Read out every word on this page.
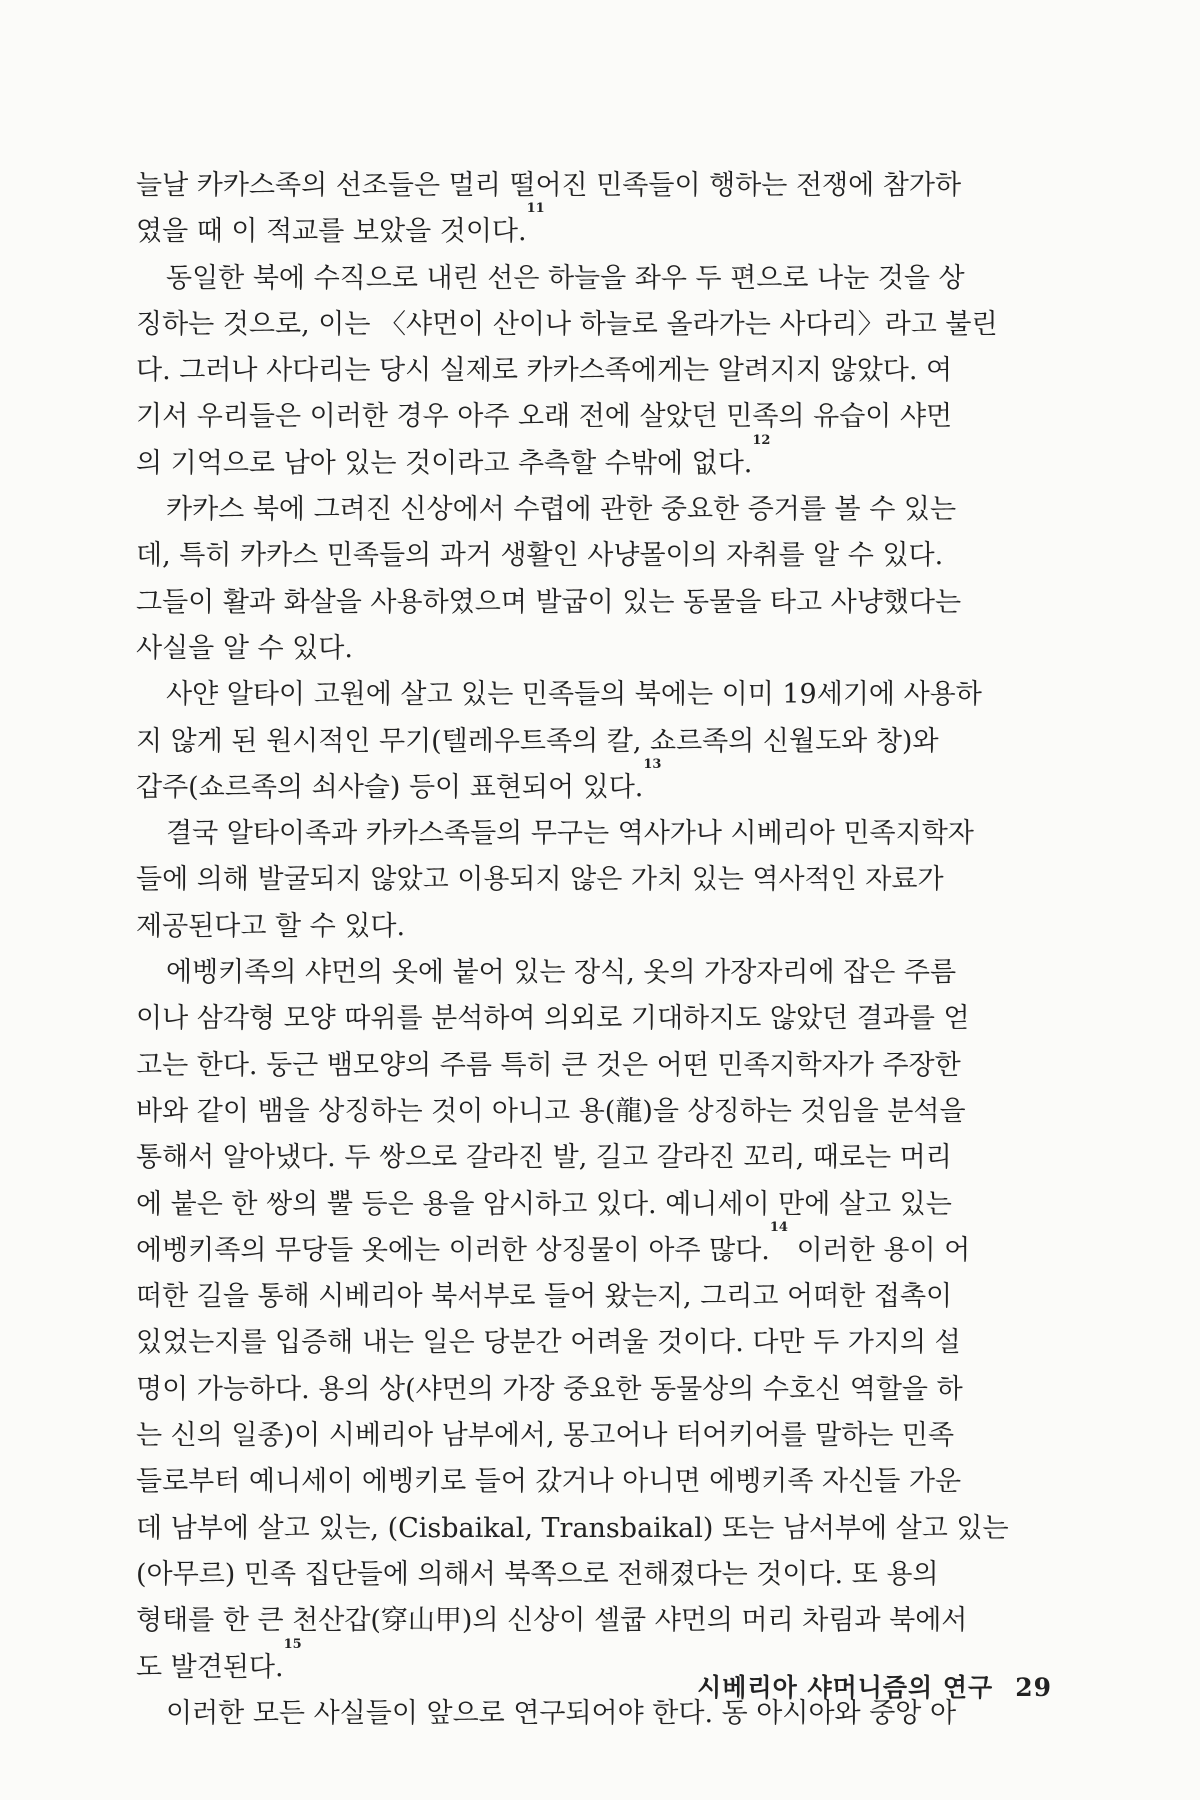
늘날 카카스족의 선조들은 멀리 떨어진 민족들이 행하는 전쟁에 참가하
였을 때 이 적교를 보았을 것이다.
11
동일한 북에 수직으로 내린 선은 하늘을 좌우 두 편으로 나눈 것을 상
징하는 것으로, 이는 〈샤먼이 산이나 하늘로 올라가는 사다리〉라고 불린
다. 그러나 사다리는 당시 실제로 카카스족에게는 알려지지 않았다. 여
기서 우리들은 이러한 경우 아주 오래 전에 살았던 민족의 유습이 샤먼
의 기억으로 남아 있는 것이라고 추측할 수밖에 없다.
12
카카스 북에 그려진 신상에서 수렵에 관한 중요한 증거를 볼 수 있는
데, 특히 카카스 민족들의 과거 생활인 사냥몰이의 자취를 알 수 있다.
그들이 활과 화살을 사용하였으며 발굽이 있는 동물을 타고 사냥했다는
사실을 알 수 있다.
사얀 알타이 고원에 살고 있는 민족들의 북에는 이미 19세기에 사용하
지 않게 된 원시적인 무기(텔레우트족의 칼, 쇼르족의 신월도와 창)와
갑주(쇼르족의 쇠사슬) 등이 표현되어 있다.
13
결국 알타이족과 카카스족들의 무구는 역사가나 시베리아 민족지학자
들에 의해 발굴되지 않았고 이용되지 않은 가치 있는 역사적인 자료가
제공된다고 할 수 있다.
에벵키족의 샤먼의 옷에 붙어 있는 장식, 옷의 가장자리에 잡은 주름
이나 삼각형 모양 따위를 분석하여 의외로 기대하지도 않았던 결과를 얻
고는 한다. 둥근 뱀모양의 주름 특히 큰 것은 어떤 민족지학자가 주장한
바와 같이 뱀을 상징하는 것이 아니고 용(龍)을 상징하는 것임을 분석을
통해서 알아냈다. 두 쌍으로 갈라진 발, 길고 갈라진 꼬리, 때로는 머리
에 붙은 한 쌍의 뿔 등은 용을 암시하고 있다. 예니세이 만에 살고 있는
에벵키족의 무당들 옷에는 이러한 상징물이 아주 많다.
14
이러한 용이 어
떠한 길을 통해 시베리아 북서부로 들어 왔는지, 그리고 어떠한 접촉이
있었는지를 입증해 내는 일은 당분간 어려울 것이다. 다만 두 가지의 설
명이 가능하다. 용의 상(샤먼의 가장 중요한 동물상의 수호신 역할을 하
는 신의 일종)이 시베리아 남부에서, 몽고어나 터어키어를 말하는 민족
들로부터 예니세이 에벵키로 들어 갔거나 아니면 에벵키족 자신들 가운
데 남부에 살고 있는, (Cisbaikal, Transbaikal) 또는 남서부에 살고 있는
(아무르) 민족 집단들에 의해서 북쪽으로 전해졌다는 것이다. 또 용의
형태를 한 큰 천산갑(穿山甲)의 신상이 셀쿱 샤먼의 머리 차림과 북에서
도 발견된다.
15
이러한 모든 사실들이 앞으로 연구되어야 한다. 동 아시아와 중앙 아
시베리아 샤머니즘의 연구 29
